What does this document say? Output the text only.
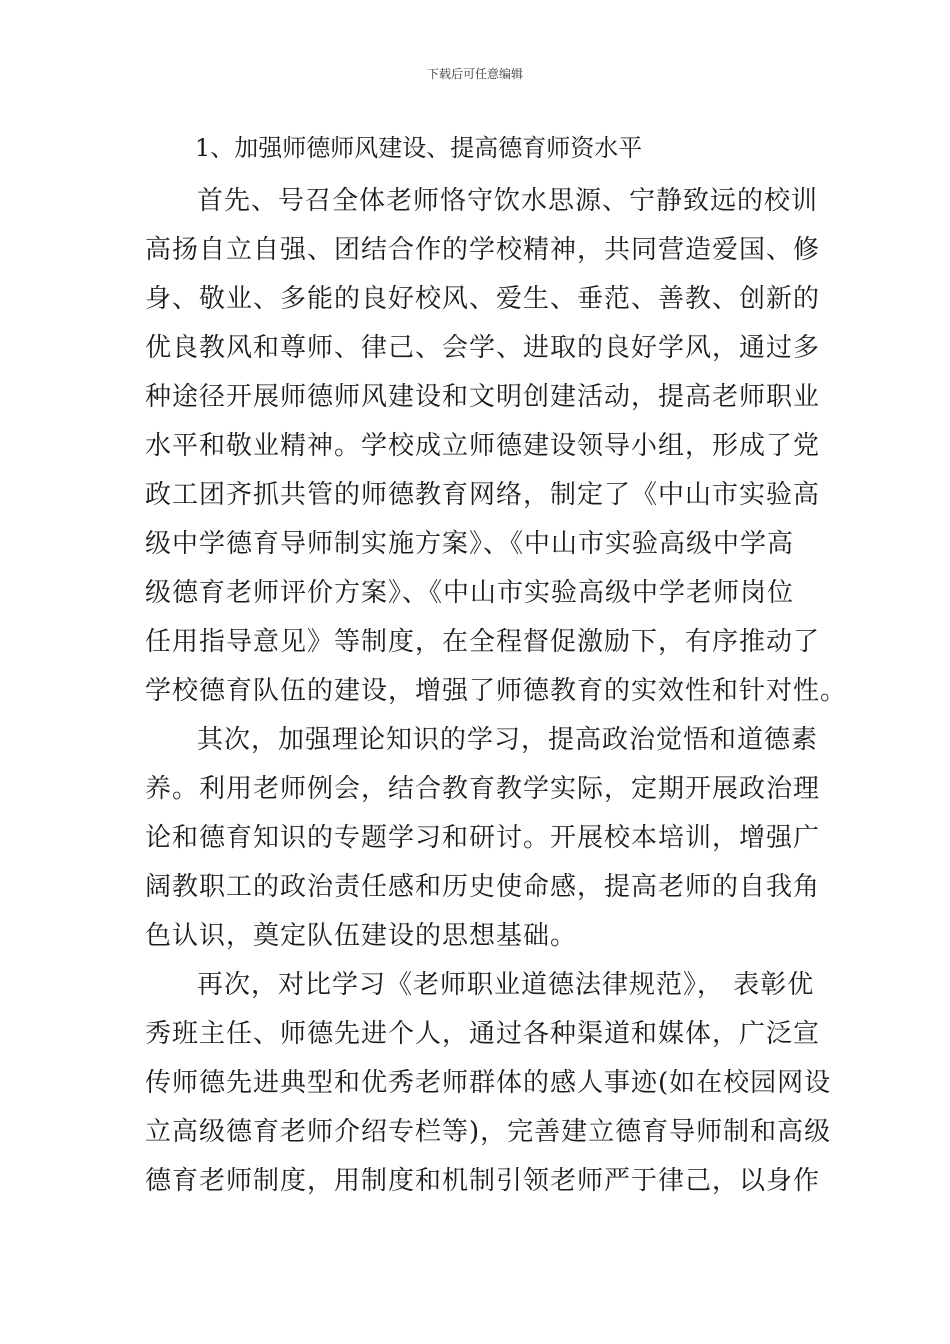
下载后可任意编辑
1、加强师德师风建设、提高德育师资水平
首先、号召全体老师恪守饮水思源、宁静致远的校训
高扬自立自强、团结合作的学校精神，共同营造爱国、修
身、敬业、多能的良好校风、爱生、垂范、善教、创新的
优良教风和尊师、律己、会学、进取的良好学风，通过多
种途径开展师德师风建设和文明创建活动，提高老师职业
水平和敬业精神。学校成立师德建设领导小组，形成了党
政工团齐抓共管的师德教育网络，制定了《中山市实验高
级中学德育导师制实施方案》、《中山市实验高级中学高
级德育老师评价方案》、《中山市实验高级中学老师岗位
任用指导意见》等制度，在全程督促激励下，有序推动了
学校德育队伍的建设，增强了师德教育的实效性和针对性。
其次，加强理论知识的学习，提高政治觉悟和道德素
养。利用老师例会，结合教育教学实际，定期开展政治理
论和德育知识的专题学习和研讨。开展校本培训，增强广
阔教职工的政治责任感和历史使命感，提高老师的自我角
色认识，奠定队伍建设的思想基础。
再次，对比学习《老师职业道德法律规范》， 表彰优
秀班主任、师德先进个人，通过各种渠道和媒体，广泛宣
传师德先进典型和优秀老师群体的感人事迹(如在校园网设
立高级德育老师介绍专栏等)，完善建立德育导师制和高级
德育老师制度，用制度和机制引领老师严于律己，以身作
